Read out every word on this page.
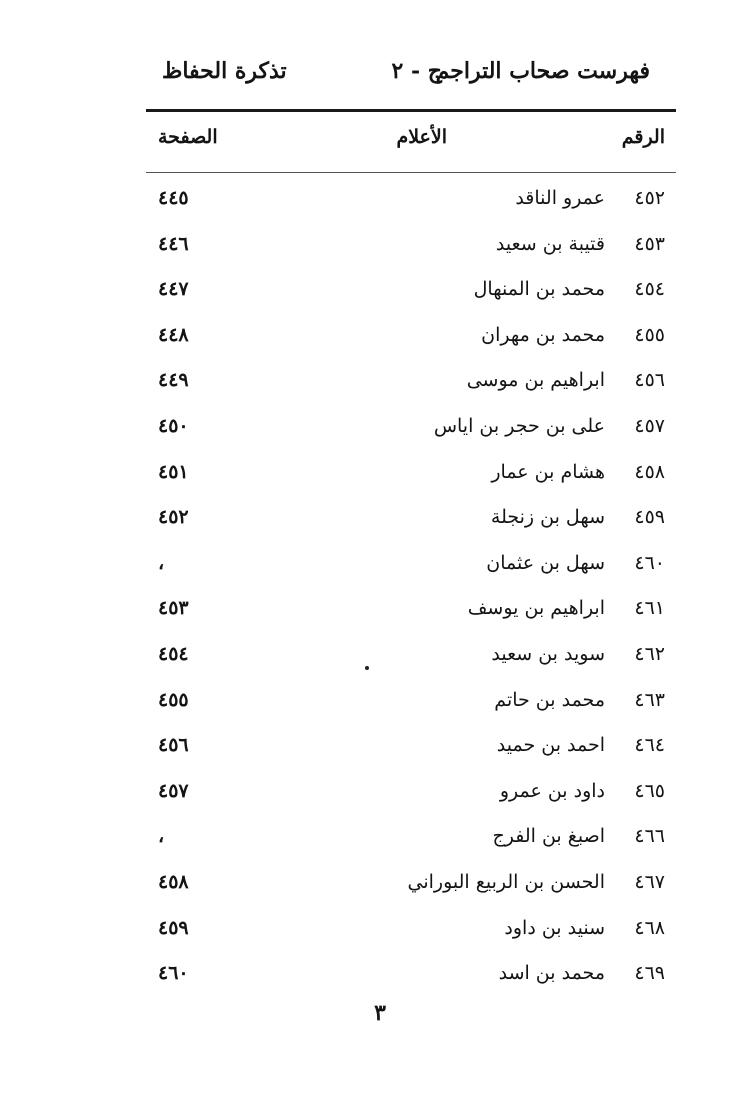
فهرست صحاب التراجم
ج - ٢
تذكرة الحفاظ
الرقم
الأعلام
الصفحة
٤٥٢
عمرو الناقد
٤٤٥
٤٥٣
قتيبة بن سعيد
٤٤٦
٤٥٤
محمد بن المنهال
٤٤٧
٤٥٥
محمد بن مهران
٤٤٨
٤٥٦
ابراهيم بن موسى
٤٤٩
٤٥٧
على بن حجر بن اياس
٤٥٠
٤٥٨
هشام بن عمار
٤٥١
٤٥٩
سهل بن زنجلة
٤٥٢
٤٦٠
سهل بن عثمان
،
٤٦١
ابراهيم بن يوسف
٤٥٣
٤٦٢
سويد بن سعيد
٤٥٤
٤٦٣
محمد بن حاتم
٤٥٥
٤٦٤
احمد بن حميد
٤٥٦
٤٦٥
داود بن عمرو
٤٥٧
٤٦٦
اصبغ بن الفرج
،
٤٦٧
الحسن بن الربيع البوراني
٤٥٨
٤٦٨
سنيد بن داود
٤٥٩
٤٦٩
محمد بن اسد
٤٦٠
٣
